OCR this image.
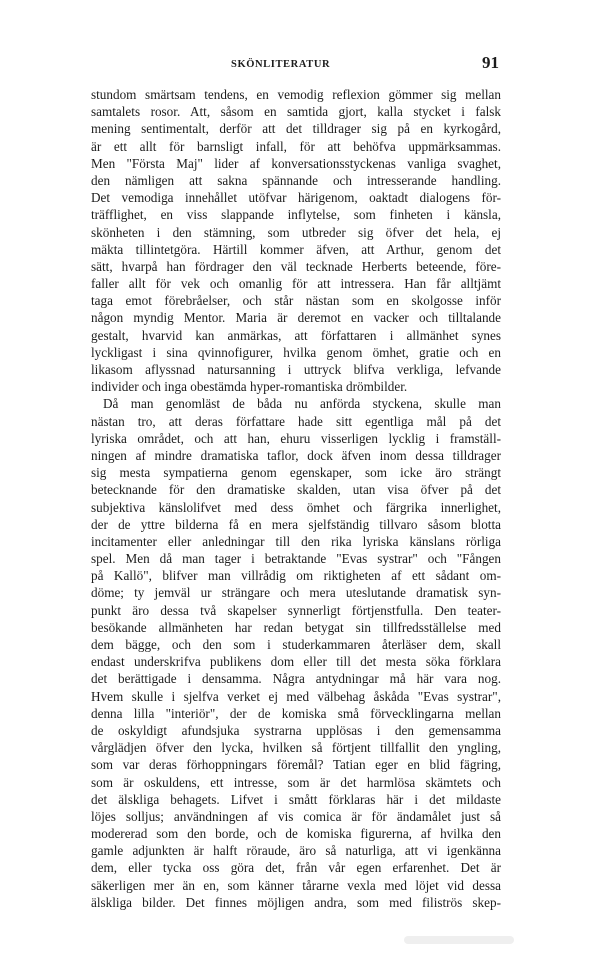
SKÖNLITERATUR	91
stundom smärtsam tendens, en vemodig reflexion gömmer sig mellan
samtalets rosor. Att, såsom en samtida gjort, kalla stycket i falsk
mening sentimentalt, derför att det tilldrager sig på en kyrkogård,
är ett allt för barnsligt infall, för att behöfva uppmärksammas.
Men "Första Maj" lider af konversationsstyckenas vanliga svaghet,
den nämligen att sakna spännande och intresserande handling.
Det vemodiga innehållet utöfvar härigenom, oaktadt dialogens för-
träfflighet, en viss slappande inflytelse, som finheten i känsla,
skönheten i den stämning, som utbreder sig öfver det hela, ej
mäkta tillintetgöra. Härtill kommer äfven, att Arthur, genom det
sätt, hvarpå han fördrager den väl tecknade Herberts beteende, före-
faller allt för vek och omanlig för att intressera. Han får alltjämt
taga emot förebråelser, och står nästan som en skolgosse inför
någon myndig Mentor. Maria är deremot en vacker och tilltalande
gestalt, hvarvid kan anmärkas, att författaren i allmänhet synes
lyckligast i sina qvinnofigurer, hvilka genom ömhet, gratie och en
likasom aflyssnad natursanning i uttryck blifva verkliga, lefvande
individer och inga obestämda hyper-romantiska drömbilder.
Då man genomläst de båda nu anförda styckena, skulle man
nästan tro, att deras författare hade sitt egentliga mål på det
lyriska området, och att han, ehuru visserligen lycklig i framställ-
ningen af mindre dramatiska taflor, dock äfven inom dessa tilldrager
sig mesta sympatierna genom egenskaper, som icke äro strängt
betecknande för den dramatiske skalden, utan visa öfver på det
subjektiva känslolifvet med dess ömhet och färgrika innerlighet,
der de yttre bilderna få en mera sjelfständig tillvaro såsom blotta
incitamenter eller anledningar till den rika lyriska känslans rörliga
spel. Men då man tager i betraktande "Evas systrar" och "Fången
på Kallö", blifver man villrådig om riktigheten af ett sådant om-
döme; ty jemväl ur strängare och mera uteslutande dramatisk syn-
punkt äro dessa två skapelser synnerligt förtjenstfulla. Den teater-
besökande allmänheten har redan betygat sin tillfredsställelse med
dem bägge, och den som i studerkammaren återläser dem, skall
endast underskrifva publikens dom eller till det mesta söka förklara
det berättigade i densamma. Några antydningar må här vara nog.
Hvem skulle i sjelfva verket ej med välbehag åskåda "Evas systrar",
denna lilla "interiör", der de komiska små förvecklingarna mellan
de oskyldigt afundsjuka systrarna upplösas i den gemensamma
vårglädjen öfver den lycka, hvilken så förtjent tillfallit den yngling,
som var deras förhoppningars föremål? Tatian eger en blid fägring,
som är oskuldens, ett intresse, som är det harmlösa skämtets och
det älskliga behagets. Lifvet i smått förklaras här i det mildaste
löjes solljus; användningen af vis comica är för ändamålet just så
modererad som den borde, och de komiska figurerna, af hvilka den
gamle adjunkten är halft röraude, äro så naturliga, att vi igenkänna
dem, eller tycka oss göra det, från vår egen erfarenhet. Det är
säkerligen mer än en, som känner tårarne vexla med löjet vid dessa
älskliga bilder. Det finnes möjligen andra, som med filiströs skep-
